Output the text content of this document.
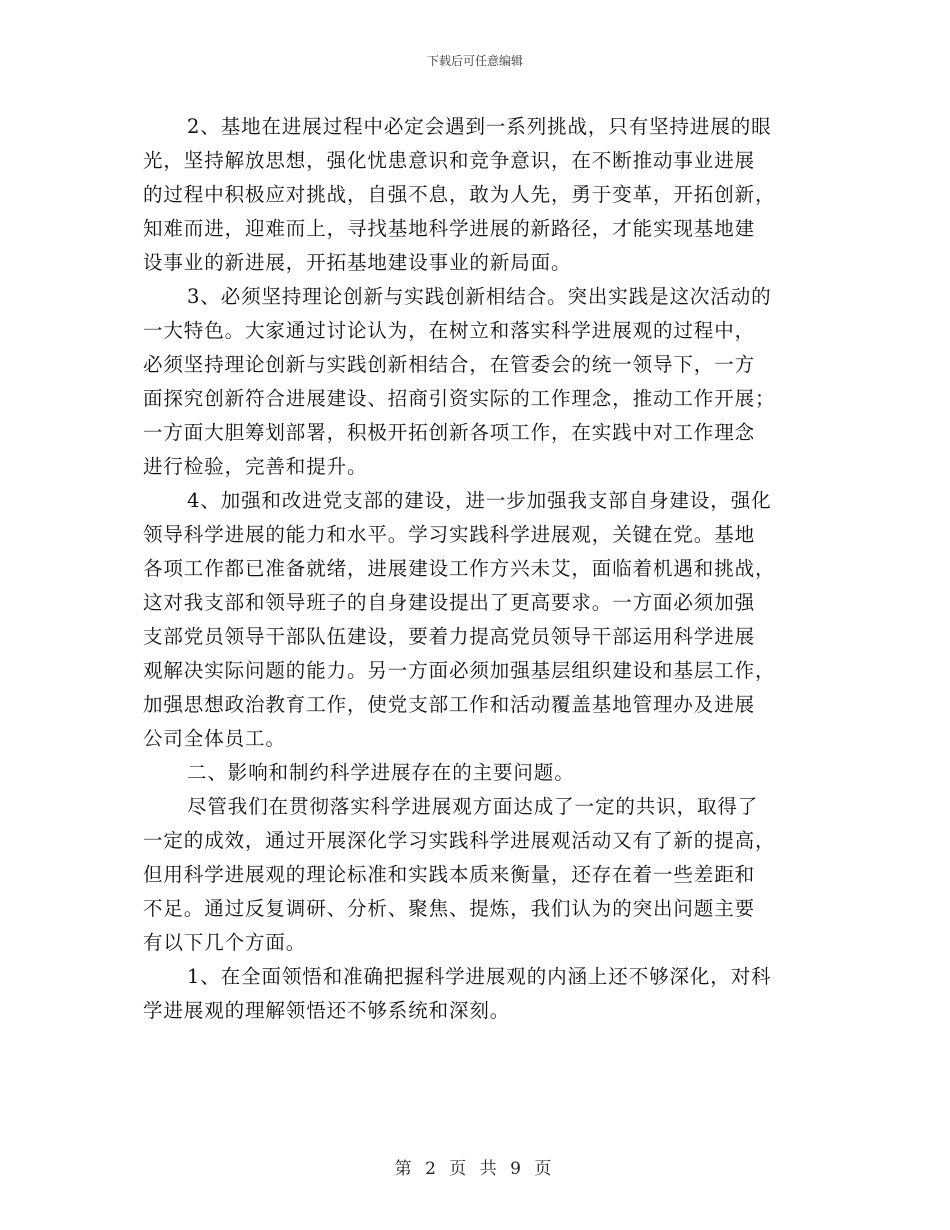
下载后可任意编辑
2、基地在进展过程中必定会遇到一系列挑战，只有坚持进展的眼
光，坚持解放思想，强化忧患意识和竞争意识，在不断推动事业进展
的过程中积极应对挑战，自强不息，敢为人先，勇于变革，开拓创新，
知难而进，迎难而上，寻找基地科学进展的新路径，才能实现基地建
设事业的新进展，开拓基地建设事业的新局面。
3、必须坚持理论创新与实践创新相结合。突出实践是这次活动的
一大特色。大家通过讨论认为，在树立和落实科学进展观的过程中，
必须坚持理论创新与实践创新相结合，在管委会的统一领导下，一方
面探究创新符合进展建设、招商引资实际的工作理念，推动工作开展；
一方面大胆筹划部署，积极开拓创新各项工作，在实践中对工作理念
进行检验，完善和提升。
4、加强和改进党支部的建设，进一步加强我支部自身建设，强化
领导科学进展的能力和水平。学习实践科学进展观，关键在党。基地
各项工作都已准备就绪，进展建设工作方兴未艾，面临着机遇和挑战，
这对我支部和领导班子的自身建设提出了更高要求。一方面必须加强
支部党员领导干部队伍建设，要着力提高党员领导干部运用科学进展
观解决实际问题的能力。另一方面必须加强基层组织建设和基层工作，
加强思想政治教育工作，使党支部工作和活动覆盖基地管理办及进展
公司全体员工。
二、影响和制约科学进展存在的主要问题。
尽管我们在贯彻落实科学进展观方面达成了一定的共识，取得了
一定的成效，通过开展深化学习实践科学进展观活动又有了新的提高，
但用科学进展观的理论标准和实践本质来衡量，还存在着一些差距和
不足。通过反复调研、分析、聚焦、提炼，我们认为的突出问题主要
有以下几个方面。
1、在全面领悟和准确把握科学进展观的内涵上还不够深化，对科
学进展观的理解领悟还不够系统和深刻。
第 2 页 共 9 页
